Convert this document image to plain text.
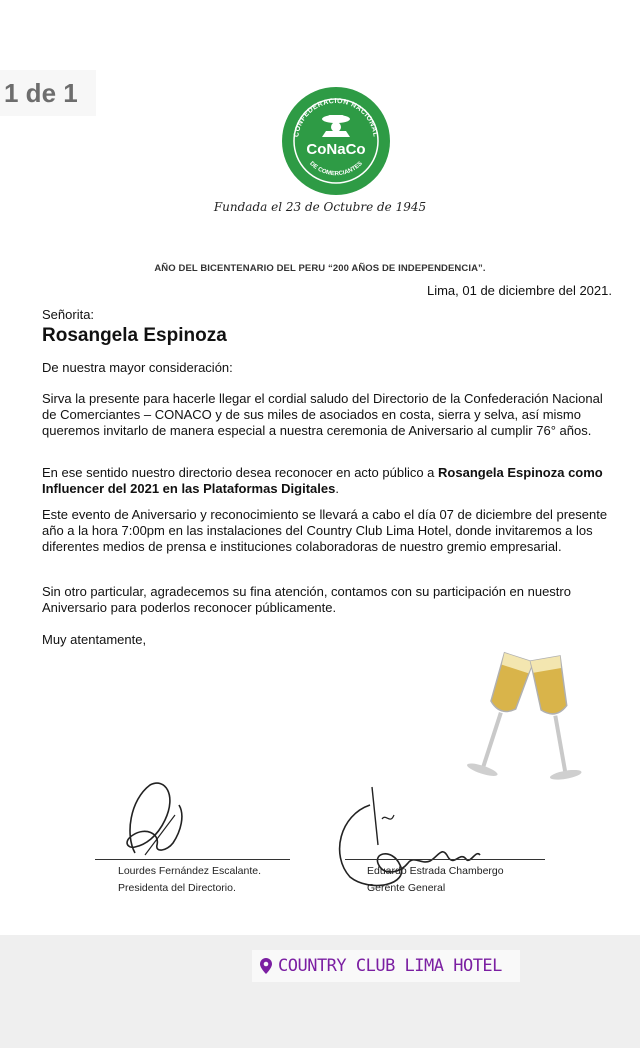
CONFEDERACION NACIONAL
DE COMERCIANTES
CoNaCo
Fundada el 23 de Octubre de 1945
AÑO DEL BICENTENARIO DEL PERU “200 AÑOS DE INDEPENDENCIA”.
Lima, 01 de diciembre del 2021.
Señorita:
Rosangela Espinoza

De nuestra mayor consideración:

Sirva la presente para hacerle llegar el cordial saludo del Directorio de la Confederación Nacional de Comerciantes – CONACO y de sus miles de asociados en costa, sierra y selva, así mismo queremos invitarlo de manera especial a nuestra ceremonia de Aniversario al cumplir 76° años.

En ese sentido nuestro directorio desea reconocer en acto público a Rosangela Espinoza como Influencer del 2021 en las Plataformas Digitales.

Este evento de Aniversario y reconocimiento se llevará a cabo el día 07 de diciembre del presente año a la hora 7:00pm en las instalaciones del Country Club Lima Hotel, donde invitaremos a los diferentes medios de prensa e instituciones colaboradoras de nuestro gremio empresarial.

Sin otro particular, agradecemos su fina atención, contamos con su participación en nuestro Aniversario para poderlos reconocer públicamente.

Muy atentamente,

Lourdes Fernández Escalante.
Presidenta del Directorio.
Eduardo Estrada Chambergo
Gerente General
1 de 1
COUNTRY CLUB LIMA HOTEL
